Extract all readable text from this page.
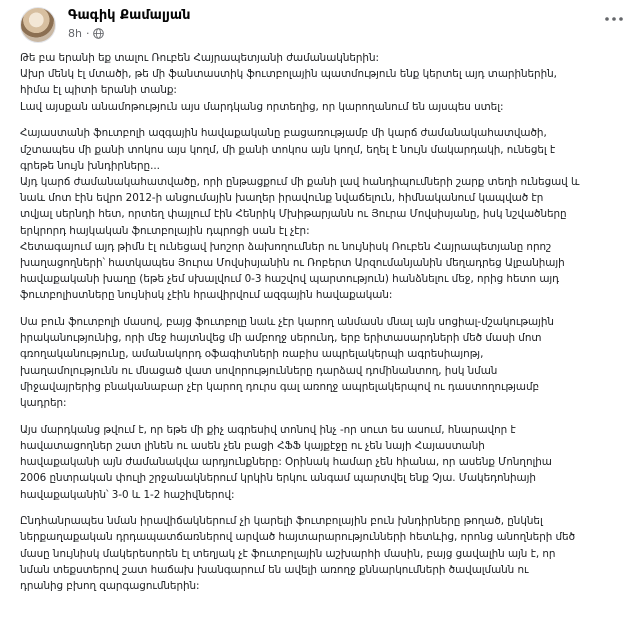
Գագիկ Քամալյան
8h ·

Թե բա երանի եք տալու Ռուբեն Հայրապետյանի ժամանակներին:
Ախր մենկ էլ մտածի, թե մի ֆանտաստիկ ֆուտբոլային պատմություն ենք կերտել այդ տարիներին,
հիմա էլ պիտի երանի տանք:
Լավ այսքան անամոթություն այս մարդկանց որտեղից, որ կարողանում են այսպես ստել:

Հայաստանի ֆուտբոլի ազգային հավաքականը բացառությամբ մի կարճ ժամանակահատվածի,
մշտապես մի քանի տոկոս այս կողմ, մի քանի տոկոս այն կողմ, եղել է նույն մակարդակի, ունեցել է
գրեթե նույն խնդիրները...
Այդ կարճ ժամանակահատվածը, որի ընթացքում մի քանի լավ հանդիպումների շարք տեղի ունեցավ և
նաև մոտ էին եվրո 2012-ի անցումային խաղեր իրավունք նվաճելուն, հիմնականում կապված էր
տվյալ սերնդի հետ, որտեղ փայլում էին Հենրիկ Մխիթարյանն ու Յուրա Մովսիսյանը, իսկ նշվածները
երկրորդ հայկական ֆուտբոլային դպրոցի սան էլ չէր:
Հետագայում այդ թիմն էլ ունեցավ խոշոր ձախողումներ ու նույնիսկ Ռուբեն Հայրապետյանը որոշ
խաղացողների՝ հատկապես Յուրա Մովսիսյանին ու Ռոբերտ Արզումանյանին մեղադրեց Ալբանիայի
հավաքականի խաղը (եթե չեմ սխալվում 0-3 հաշվով պարտություն) հանձնելու մեջ, որից հետո այդ
ֆուտբոլիստները նույնիսկ չէին հրավիրվում ազգային հավաքական:

Սա բուն ֆուտբոլի մասով, բայց ֆուտբոլը նաև չէր կարող անմասն մնալ այն սոցիալ-մշակութային
իրականությունից, որի մեջ հայտնվեց մի ամբողջ սերունդ, երբ երիտասարդների մեծ մասի մոտ
գռողականությունը, ամանակորդ օֆագիտների ռաբիս ապրելակերպի ագրեսիայոթյ,
խաղամոլությունն ու մնացած վատ սովորությունները դարձավ դոմինանտող, իսկ նման
միջավայրերից բնականաբար չէր կարող դուրս գալ առողջ ապրելակերպով ու դաստողությամբ
կադրեր:

Այս մարդկանց թվում է, որ եթե մի քիչ ագրեսիվ տոնով ինչ -որ սուտ ես ասում, հնարավոր է
հավատացողներ շատ լինեն ու ասեն չեն բացի ՀՖՖ կայքէջը ու չեն նայի Հայաստանի
հավաքականի այն ժամանակվա արդյունքները: Օրինակ համար չեն հիանա, որ ասենք Մոնղոլիա
2006 ընտրական փուլի շրջանակներում կրկին երկու անգամ պարտվել ենք Չյա. Մակեդոնիայի
հավաքականին՝ 3-0 և 1-2 հաշիվներով:

Ընդհանրապես նման իրավիճակներում չի կարելի ֆուտբոլային բուն խնդիրները թողած, ընկնել
ներքաղաքական դրդապատճառներով արված հայտարարությունների հետևից, որոնց անողների մեծ
մասը նույնիսկ մակերեսորեն էլ տեղյակ չէ ֆուտբոլային աշխարհի մասին, բայց ցավալին այն է, որ
նման տեքստերով շատ հաճախ խանգարում են ավելի առողջ քննարկումների ծավալմանն ու
դրանից բխող զարգացումներին:
